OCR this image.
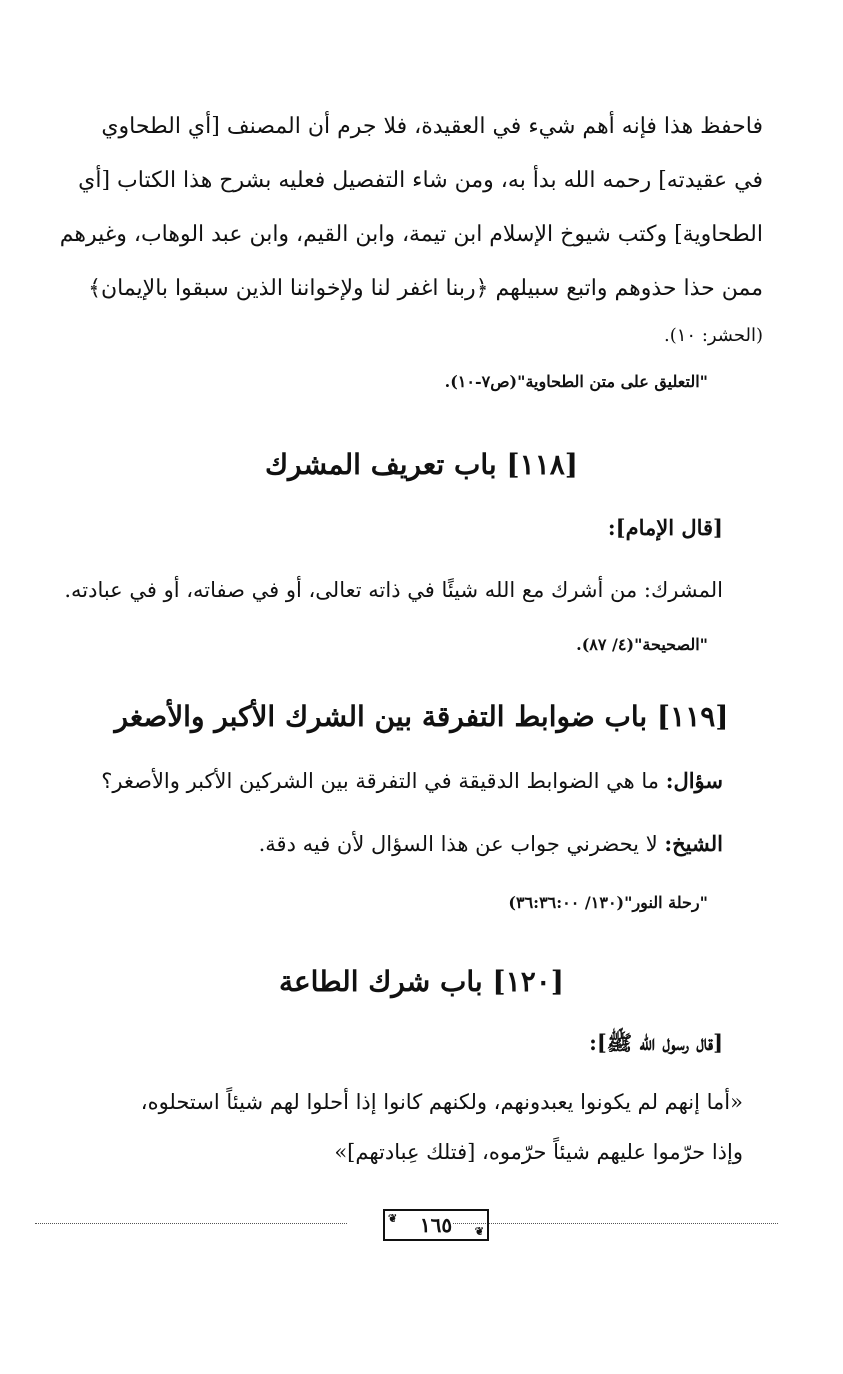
فاحفظ هذا فإنه أهم شيء في العقيدة، فلا جرم أن المصنف [أي الطحاوي
في عقيدته] رحمه الله بدأ به، ومن شاء التفصيل فعليه بشرح هذا الكتاب [أي
الطحاوية] وكتب شيوخ الإسلام ابن تيمة، وابن القيم، وابن عبد الوهاب، وغيرهم
ممن حذا حذوهم واتبع سبيلهم ﴿ربنا اغفر لنا ولإخواننا الذين سبقوا بالإيمان﴾
(الحشر: ١٠).
"التعليق على متن الطحاوية"(ص٧-١٠).
[١١٨] باب تعريف المشرك
[قال الإمام]:
المشرك: من أشرك مع الله شيئًا في ذاته تعالى، أو في صفاته، أو في عبادته.
"الصحيحة"(٤/ ٨٧).
[١١٩] باب ضوابط التفرقة بين الشرك الأكبر والأصغر
سؤال: ما هي الضوابط الدقيقة في التفرقة بين الشركين الأكبر والأصغر؟
الشيخ: لا يحضرني جواب عن هذا السؤال لأن فيه دقة.
"رحلة النور"(١٣٠/ ٣٦:٣٦:٠٠)
[١٢٠] باب شرك الطاعة
[قال رسول الله ﷺ]:
«أما إنهم لم يكونوا يعبدونهم، ولكنهم كانوا إذا أحلوا لهم شيئاً استحلوه،
وإذا حرّموا عليهم شيئاً حرّموه، [فتلك عِبادتهم]»
١٦٥
❦
❦
